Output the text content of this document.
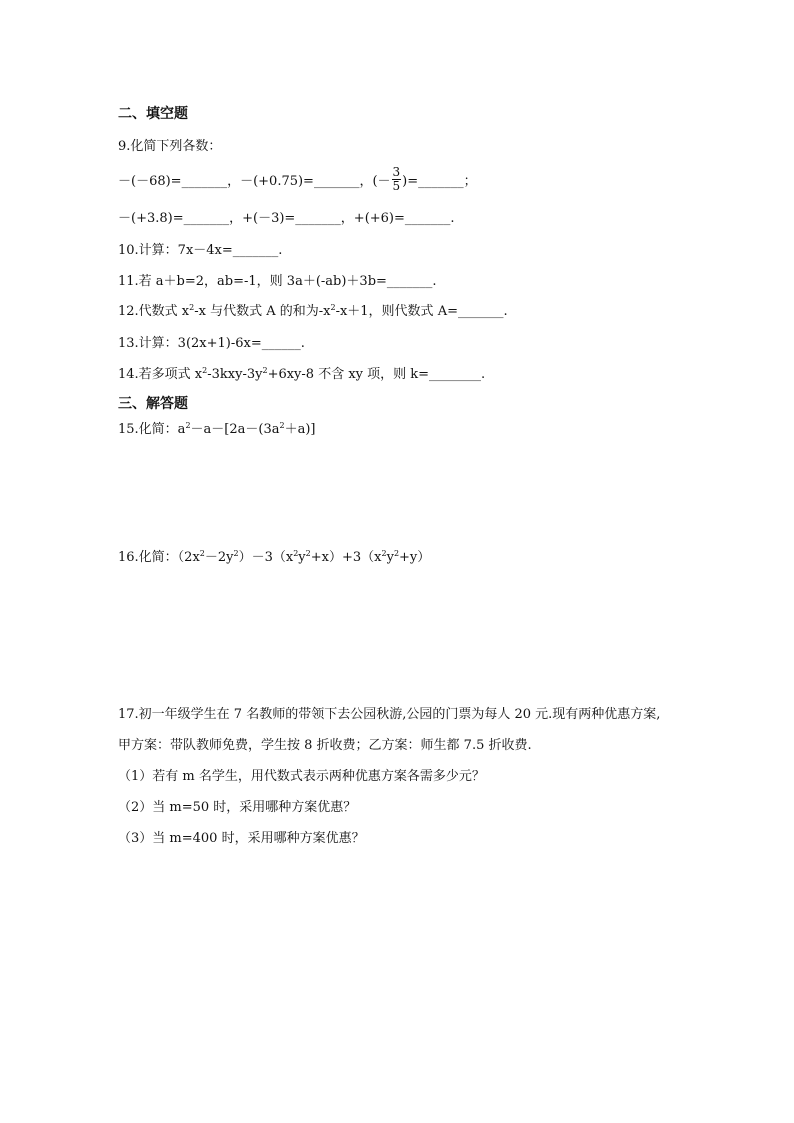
二、填空题
9.化简下列各数：
－(－68)=_______，－(+0.75)=_______，(－ $\frac{3}{5}$ )=_______；
－(+3.8)=_______，+(－3)=_______，+(+6)=_______.
10.计算：7x－4x=_______.
11.若 a＋b=2，ab=-1，则 3a＋(-ab)＋3b=_______.
12.代数式 $x^2-x$ 与代数式 A 的和为$-x^2-x+1$，则代数式 A=_______.
13.计算：3(2x+1)-6x=______.
14.若多项式 $x^2-3kxy-3y^2+6xy-8$ 不含 xy 项，则 k=________.
三、解答题
15.化简：$a^2-a-[2a-(3a^2+a)]$
16.化简：$(2x^2-2y^2)-3(x^2y^2+x)+3(x^2y^2+y)$
17.初一年级学生在 7 名教师的带领下去公园秋游,公园的门票为每人 20 元.现有两种优惠方案,
甲方案：带队教师免费，学生按 8 折收费；乙方案：师生都 7.5 折收费.
（1）若有 m 名学生，用代数式表示两种优惠方案各需多少元？
（2）当 m=50 时，采用哪种方案优惠？
（3）当 m=400 时，采用哪种方案优惠？
